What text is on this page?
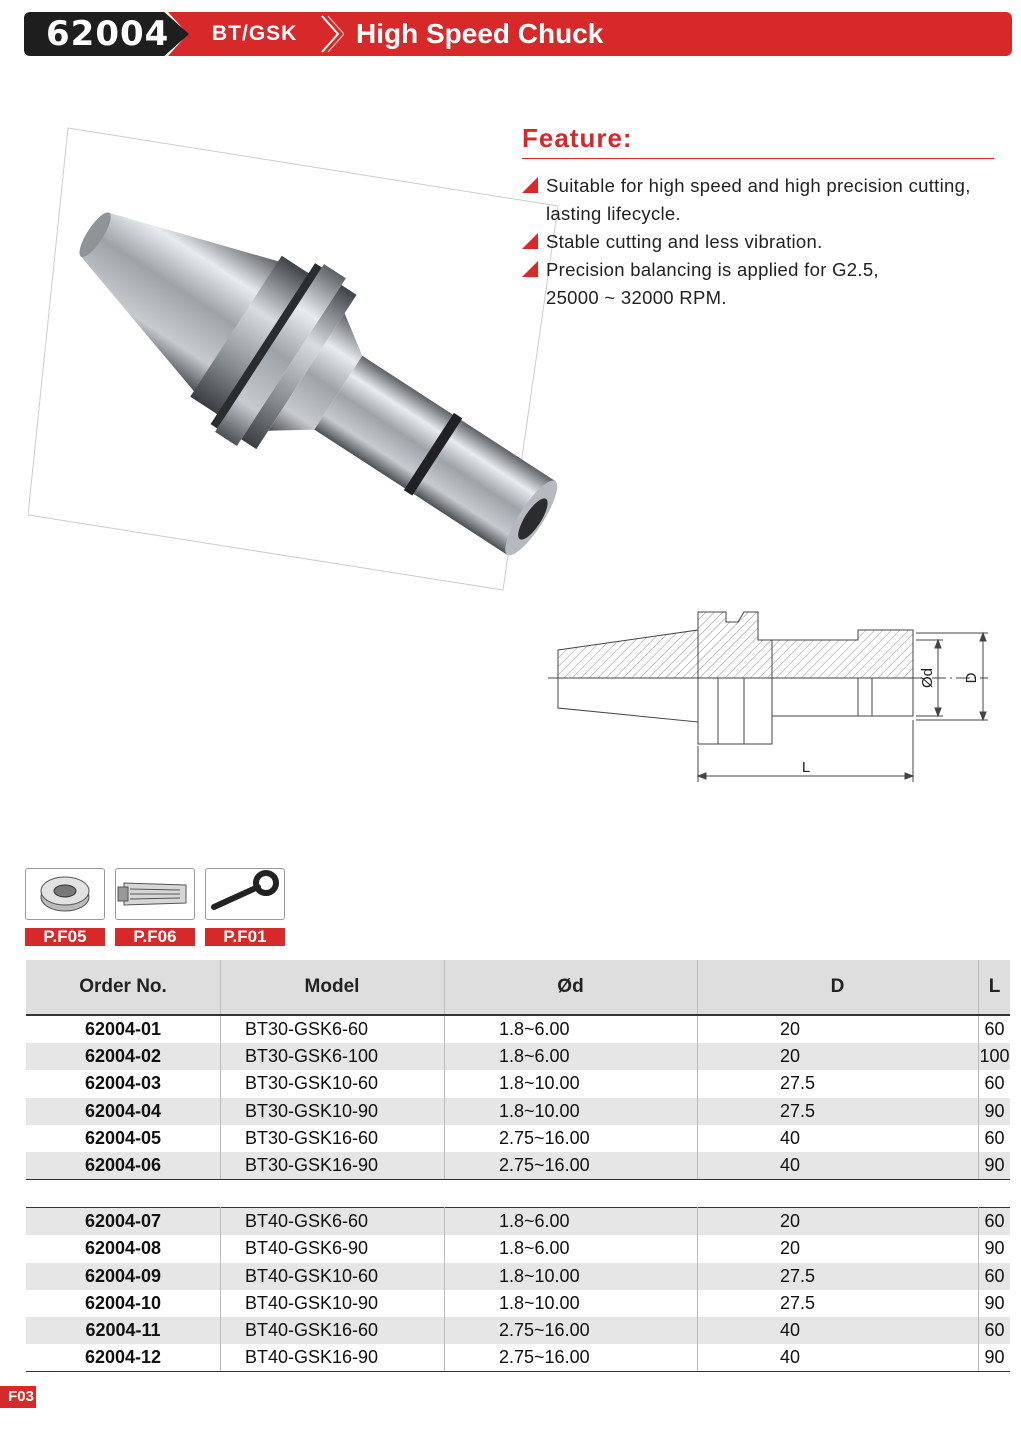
62004 BT/GSK High Speed Chuck
Feature:
Suitable for high speed and high precision cutting, lasting lifecycle.
Stable cutting and less vibration.
Precision balancing is applied for G2.5, 25000 ~ 32000 RPM.
Ød D
L
P.F05	P.F06	P.F01
Order No.	Model	Ød	D	L
62004-01	BT30-GSK6-60	1.8~6.00	20	60
62004-02	BT30-GSK6-100	1.8~6.00	20	100
62004-03	BT30-GSK10-60	1.8~10.00	27.5	60
62004-04	BT30-GSK10-90	1.8~10.00	27.5	90
62004-05	BT30-GSK16-60	2.75~16.00	40	60
62004-06	BT30-GSK16-90	2.75~16.00	40	90

62004-07	BT40-GSK6-60	1.8~6.00	20	60
62004-08	BT40-GSK6-90	1.8~6.00	20	90
62004-09	BT40-GSK10-60	1.8~10.00	27.5	60
62004-10	BT40-GSK10-90	1.8~10.00	27.5	90
62004-11	BT40-GSK16-60	2.75~16.00	40	60
62004-12	BT40-GSK16-90	2.75~16.00	40	90
F03
